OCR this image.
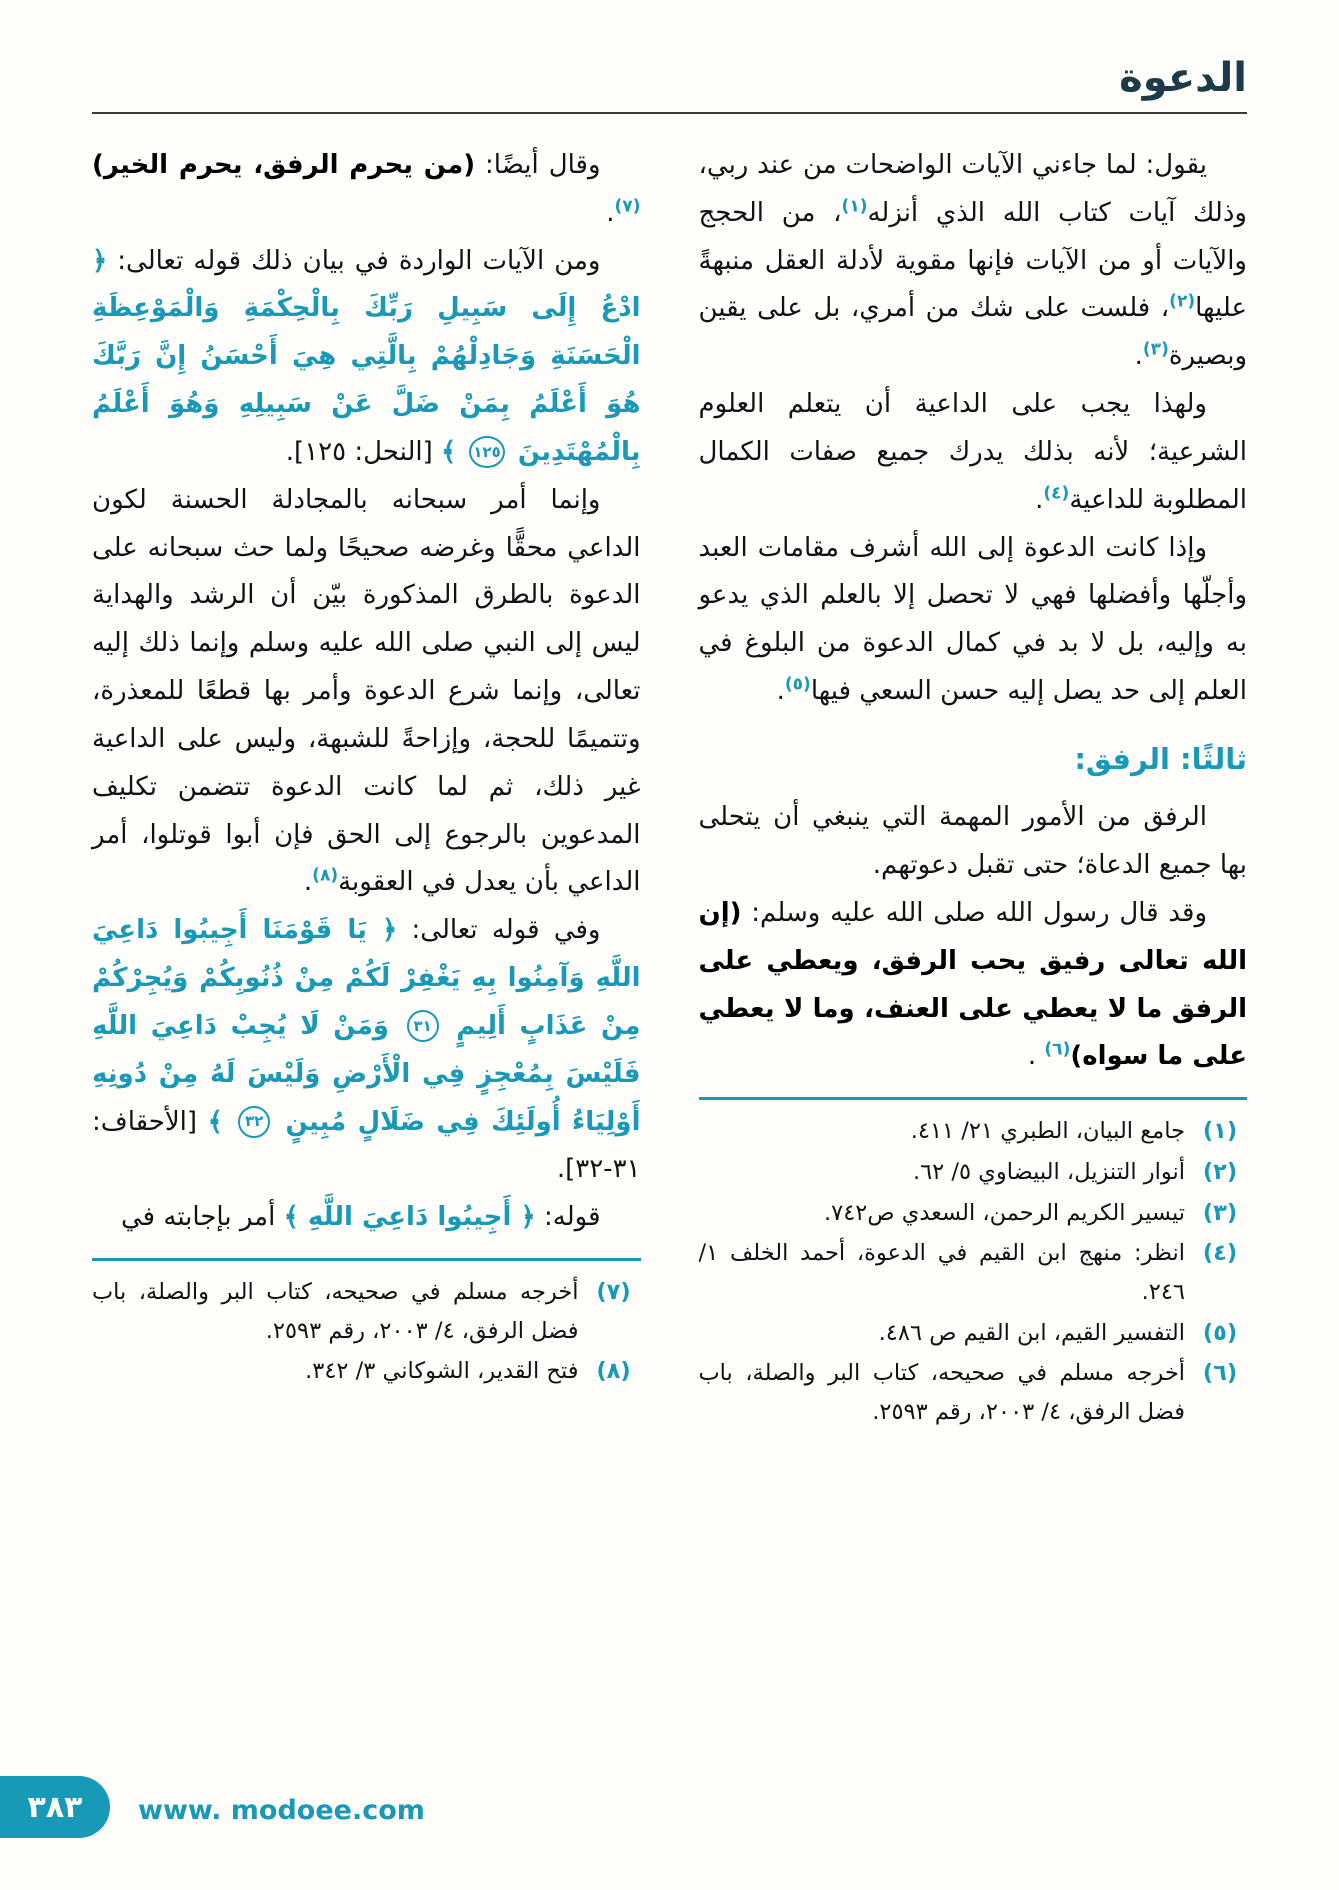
الدعوة

يقول: لما جاءني الآيات الواضحات من عند ربي، وذلك آيات كتاب الله الذي أنزله$^{(١)}$، من الحجج والآيات أو من الآيات فإنها مقوية لأدلة العقل منبهةً عليها$^{(٢)}$، فلست على شك من أمري، بل على يقين وبصيرة$^{(٣)}$.

ولهذا يجب على الداعية أن يتعلم العلوم الشرعية؛ لأنه بذلك يدرك جميع صفات الكمال المطلوبة للداعية$^{(٤)}$.

وإذا كانت الدعوة إلى الله أشرف مقامات العبد وأجلّها وأفضلها فهي لا تحصل إلا بالعلم الذي يدعو به وإليه، بل لا بد في كمال الدعوة من البلوغ في العلم إلى حد يصل إليه حسن السعي فيها$^{(٥)}$.

ثالثًا: الرفق:

الرفق من الأمور المهمة التي ينبغي أن يتحلى بها جميع الدعاة؛ حتى تقبل دعوتهم.

وقد قال رسول الله صلى الله عليه وسلم: (إن الله تعالى رفيق يحب الرفق، ويعطي على الرفق ما لا يعطي على العنف، وما لا يعطي على ما سواه)$^{(٦)}$ .

(١)
جامع البيان، الطبري ٢١/ ٤١١.
(٢)
أنوار التنزيل، البيضاوي ٥/ ٦٢.
(٣)
تيسير الكريم الرحمن، السعدي ص٧٤٢.
(٤)
انظر: منهج ابن القيم في الدعوة، أحمد الخلف ١/ ٢٤٦.
(٥)
التفسير القيم، ابن القيم ص ٤٨٦.
(٦)
أخرجه مسلم في صحيحه، كتاب البر والصلة، باب فضل الرفق، ٤/ ٢٠٠٣، رقم ٢٥٩٣.

وقال أيضًا: (من يحرم الرفق، يحرم الخير)$^{(٧)}$.

ومن الآيات الواردة في بيان ذلك قوله تعالى: ﴿ ادْعُ إِلَى سَبِيلِ رَبِّكَ بِالْحِكْمَةِ وَالْمَوْعِظَةِ الْحَسَنَةِ وَجَادِلْهُمْ بِالَّتِي هِيَ أَحْسَنُ إِنَّ رَبَّكَ هُوَ أَعْلَمُ بِمَنْ ضَلَّ عَنْ سَبِيلِهِ وَهُوَ أَعْلَمُ بِالْمُهْتَدِينَ ١٢٥ ﴾ [النحل: ١٢٥].

وإنما أمر سبحانه بالمجادلة الحسنة لكون الداعي محقًّا وغرضه صحيحًا ولما حث سبحانه على الدعوة بالطرق المذكورة بيّن أن الرشد والهداية ليس إلى النبي صلى الله عليه وسلم وإنما ذلك إليه تعالى، وإنما شرع الدعوة وأمر بها قطعًا للمعذرة، وتتميمًا للحجة، وإزاحةً للشبهة، وليس على الداعية غير ذلك، ثم لما كانت الدعوة تتضمن تكليف المدعوين بالرجوع إلى الحق فإن أبوا قوتلوا، أمر الداعي بأن يعدل في العقوبة$^{(٨)}$.

وفي قوله تعالى: ﴿ يَا قَوْمَنَا أَجِيبُوا دَاعِيَ اللَّهِ وَآمِنُوا بِهِ يَغْفِرْ لَكُمْ مِنْ ذُنُوبِكُمْ وَيُجِرْكُمْ مِنْ عَذَابٍ أَلِيمٍ ٣١ وَمَنْ لَا يُجِبْ دَاعِيَ اللَّهِ فَلَيْسَ بِمُعْجِزٍ فِي الْأَرْضِ وَلَيْسَ لَهُ مِنْ دُونِهِ أَوْلِيَاءُ أُولَئِكَ فِي ضَلَالٍ مُبِينٍ ٣٢ ﴾ [الأحقاف: ٣١-٣٢].

قوله: ﴿ أَجِيبُوا دَاعِيَ اللَّهِ ﴾ أمر بإجابته في

(٧)
أخرجه مسلم في صحيحه، كتاب البر والصلة، باب فضل الرفق، ٤/ ٢٠٠٣، رقم ٢٥٩٣.
(٨)
فتح القدير، الشوكاني ٣/ ٣٤٢.
٣٨٣ www. modoee.com
